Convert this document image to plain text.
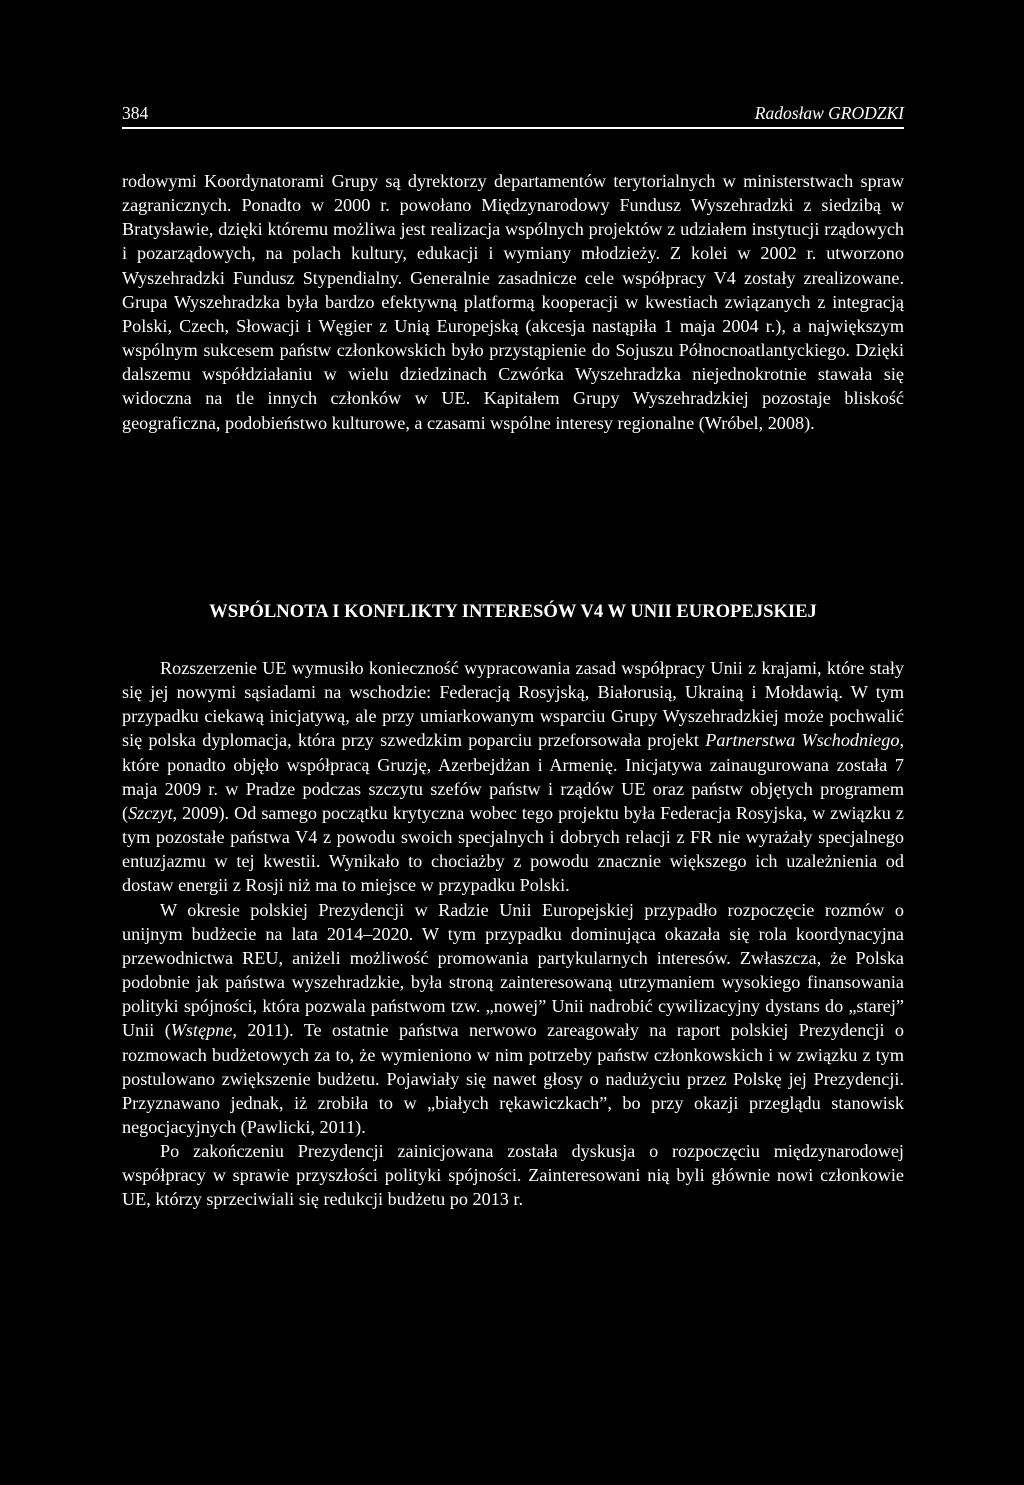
384	Radosław GRODZKI

rodowymi Koordynatorami Grupy są dyrektorzy departamentów terytorialnych w ministerstwach spraw zagranicznych. Ponadto w 2000 r. powołano Międzynarodowy Fundusz Wyszehradzki z siedzibą w Bratysławie, dzięki któremu możliwa jest realizacja wspólnych projektów z udziałem instytucji rządowych i pozarządowych, na polach kultury, edukacji i wymiany młodzieży. Z kolei w 2002 r. utworzono Wyszehradzki Fundusz Stypendialny. Generalnie zasadnicze cele współpracy V4 zostały zrealizowane. Grupa Wyszehradzka była bardzo efektywną platformą kooperacji w kwestiach związanych z integracją Polski, Czech, Słowacji i Węgier z Unią Europejską (akcesja nastąpiła 1 maja 2004 r.), a największym wspólnym sukcesem państw członkowskich było przystąpienie do Sojuszu Północnoatlantyckiego. Dzięki dalszemu współdziałaniu w wielu dziedzinach Czwórka Wyszehradzka niejednokrotnie stawała się widoczna na tle innych członków w UE. Kapitałem Grupy Wyszehradzkiej pozostaje bliskość geograficzna, podobieństwo kulturowe, a czasami wspólne interesy regionalne (Wróbel, 2008).

WSPÓLNOTA I KONFLIKTY INTERESÓW V4 W UNII EUROPEJSKIEJ

Rozszerzenie UE wymusiło konieczność wypracowania zasad współpracy Unii z krajami, które stały się jej nowymi sąsiadami na wschodzie: Federacją Rosyjską, Białorusią, Ukrainą i Mołdawią. W tym przypadku ciekawą inicjatywą, ale przy umiarkowanym wsparciu Grupy Wyszehradzkiej może pochwalić się polska dyplomacja, która przy szwedzkim poparciu przeforsowała projekt Partnerstwa Wschodniego, które ponadto objęło współpracą Gruzję, Azerbejdżan i Armenię. Inicjatywa zainaugurowana została 7 maja 2009 r. w Pradze podczas szczytu szefów państw i rządów UE oraz państw objętych programem (Szczyt, 2009). Od samego początku krytyczna wobec tego projektu była Federacja Rosyjska, w związku z tym pozostałe państwa V4 z powodu swoich specjalnych i dobrych relacji z FR nie wyrażały specjalnego entuzjazmu w tej kwestii. Wynikało to chociażby z powodu znacznie większego ich uzależnienia od dostaw energii z Rosji niż ma to miejsce w przypadku Polski.

W okresie polskiej Prezydencji w Radzie Unii Europejskiej przypadło rozpoczęcie rozmów o unijnym budżecie na lata 2014–2020. W tym przypadku dominująca okazała się rola koordynacyjna przewodnictwa REU, aniżeli możliwość promowania partykularnych interesów. Zwłaszcza, że Polska podobnie jak państwa wyszehradzkie, była stroną zainteresowaną utrzymaniem wysokiego finansowania polityki spójności, która pozwala państwom tzw. „nowej” Unii nadrobić cywilizacyjny dystans do „starej” Unii (Wstępne, 2011). Te ostatnie państwa nerwowo zareagowały na raport polskiej Prezydencji o rozmowach budżetowych za to, że wymieniono w nim potrzeby państw członkowskich i w związku z tym postulowano zwiększenie budżetu. Pojawiały się nawet głosy o nadużyciu przez Polskę jej Prezydencji. Przyznawano jednak, iż zrobiła to w „białych rękawiczkach”, bo przy okazji przeglądu stanowisk negocjacyjnych (Pawlicki, 2011).

Po zakończeniu Prezydencji zainicjowana została dyskusja o rozpoczęciu międzynarodowej współpracy w sprawie przyszłości polityki spójności. Zainteresowani nią byli głównie nowi członkowie UE, którzy sprzeciwiali się redukcji budżetu po 2013 r.
